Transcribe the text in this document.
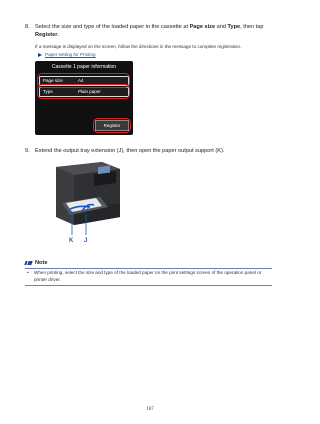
8. Select the size and type of the loaded paper in the cassette at Page size and Type, then tap Register.
If a message is displayed on the screen, follow the directions in the message to complete registration.
Paper setting for Printing
Cassette 1 paper information
Page size	A4
Type	Plain paper
Register
9. Extend the output tray extension (J), then open the paper output support (K).
K J
Note
• When printing, select the size and type of the loaded paper on the print settings screen of the operation panel or printer driver.
167
